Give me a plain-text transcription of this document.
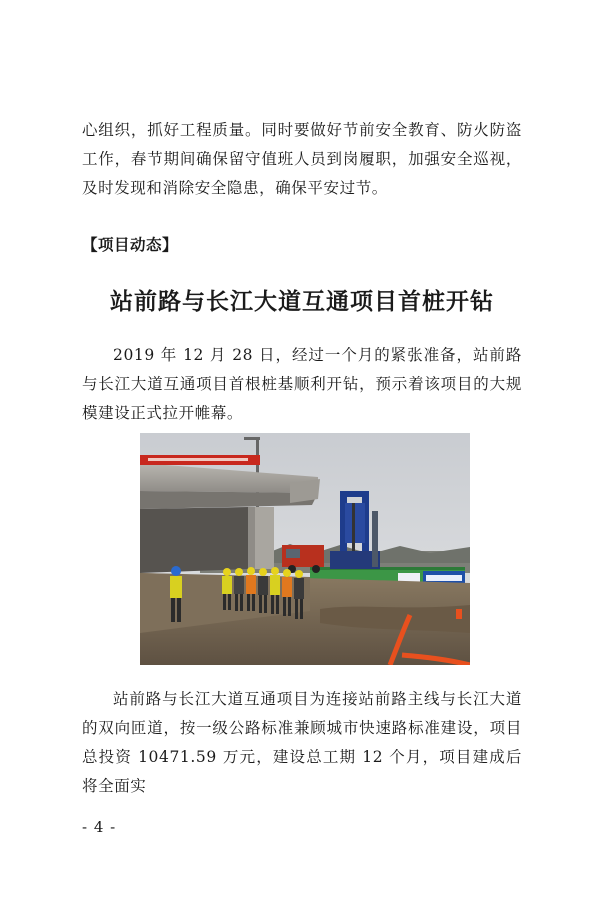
心组织，抓好工程质量。同时要做好节前安全教育、防火防盗工作，春节期间确保留守值班人员到岗履职，加强安全巡视，及时发现和消除安全隐患，确保平安过节。

【项目动态】
站前路与长江大道互通项目首桩开钻

2019 年 12 月 28 日，经过一个月的紧张准备，站前路与长江大道互通项目首根桩基顺利开钻，预示着该项目的大规模建设正式拉开帷幕。

站前路与长江大道互通项目为连接站前路主线与长江大道的双向匝道，按一级公路标准兼顾城市快速路标准建设，项目总投资 10471.59 万元，建设总工期 12 个月，项目建成后将全面实

- 4 -
